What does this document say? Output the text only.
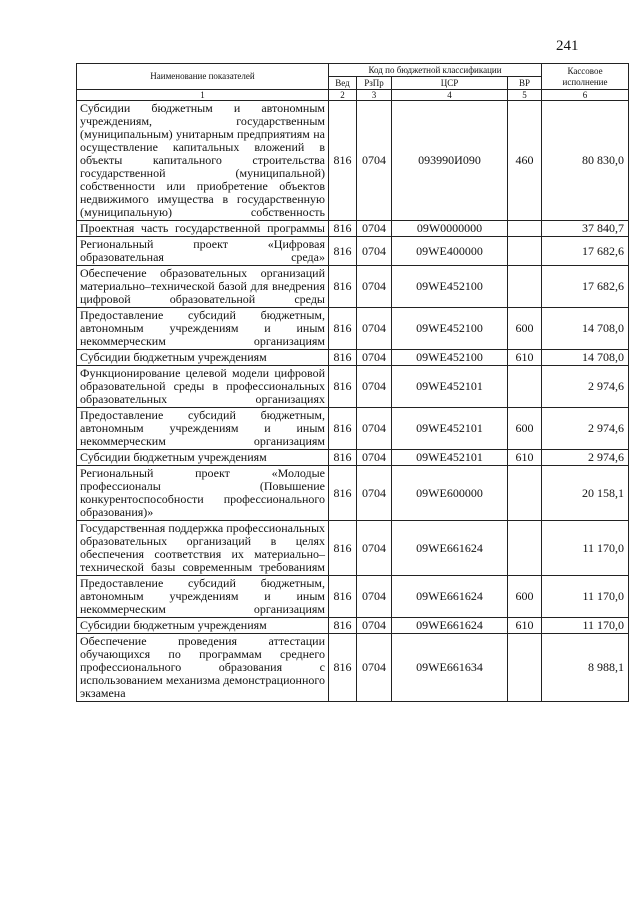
241
Наименование показателей	Код по бюджетной классификации				Кассовое исполнение
	Вед	РзПр	ЦСР	ВР	
1	2	3	4	5	6
Субсидии бюджетным и автономным учреждениям, государственным (муниципальным) унитарным предприятиям на осуществление капитальных вложений в объекты капитального строительства государственной (муниципальной) собственности или приобретение объектов недвижимого имущества в государственную (муниципальную) собственность	816	0704	093990И090	460	80 830,0
Проектная часть государственной программы	816	0704	09W0000000		37 840,7
Региональный проект «Цифровая образовательная среда»	816	0704	09WE400000		17 682,6
Обеспечение образовательных организаций материально–технической базой для внедрения цифровой образовательной среды	816	0704	09WE452100		17 682,6
Предоставление субсидий бюджетным, автономным учреждениям и иным некоммерческим организациям	816	0704	09WE452100	600	14 708,0
Субсидии бюджетным учреждениям	816	0704	09WE452100	610	14 708,0
Функционирование целевой модели цифровой образовательной среды в профессиональных образовательных организациях	816	0704	09WE452101		2 974,6
Предоставление субсидий бюджетным, автономным учреждениям и иным некоммерческим организациям	816	0704	09WE452101	600	2 974,6
Субсидии бюджетным учреждениям	816	0704	09WE452101	610	2 974,6
Региональный проект «Молодые профессионалы (Повышение конкурентоспособности профессионального образования)»	816	0704	09WE600000		20 158,1
Государственная поддержка профессиональных образовательных организаций в целях обеспечения соответствия их материально–технической базы современным требованиям	816	0704	09WE661624		11 170,0
Предоставление субсидий бюджетным, автономным учреждениям и иным некоммерческим организациям	816	0704	09WE661624	600	11 170,0
Субсидии бюджетным учреждениям	816	0704	09WE661624	610	11 170,0
Обеспечение проведения аттестации обучающихся по программам среднего профессионального образования с использованием механизма демонстрационного экзамена	816	0704	09WE661634		8 988,1
